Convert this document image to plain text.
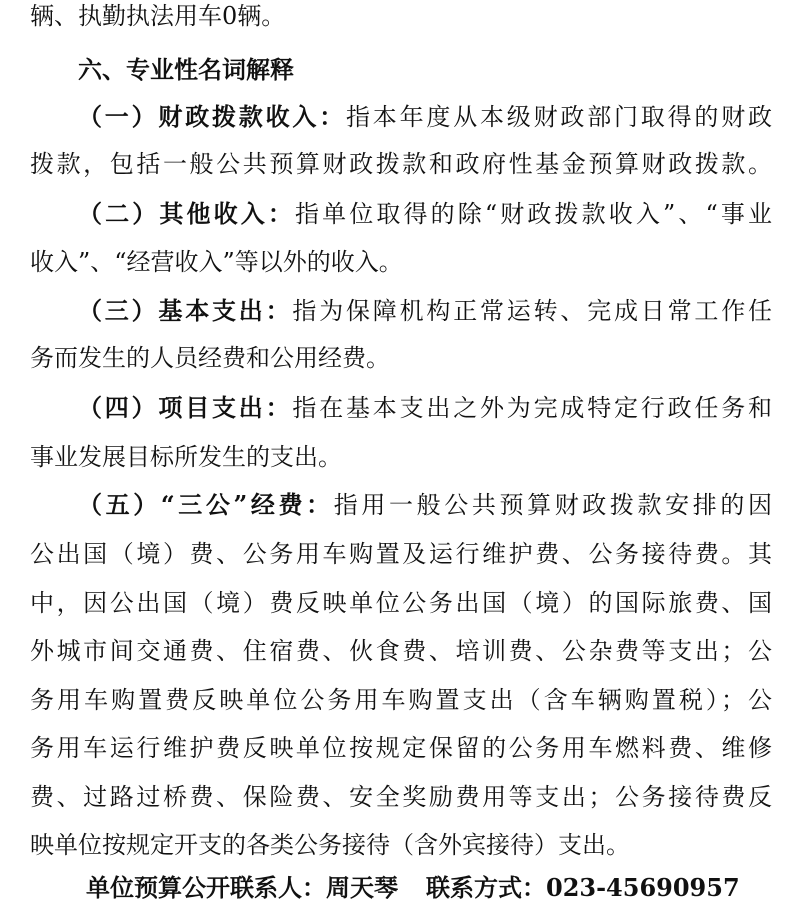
辆、执勤执法用车0辆。
六、专业性名词解释
（一）财政拨款收入：指本年度从本级财政部门取得的财政
拨款，包括一般公共预算财政拨款和政府性基金预算财政拨款。
（二）其他收入：指单位取得的除“财政拨款收入”、“事业
收入”、“经营收入”等以外的收入。
（三）基本支出：指为保障机构正常运转、完成日常工作任
务而发生的人员经费和公用经费。
（四）项目支出：指在基本支出之外为完成特定行政任务和
事业发展目标所发生的支出。
（五）“三公”经费：指用一般公共预算财政拨款安排的因
公出国（境）费、公务用车购置及运行维护费、公务接待费。其
中，因公出国（境）费反映单位公务出国（境）的国际旅费、国
外城市间交通费、住宿费、伙食费、培训费、公杂费等支出；公
务用车购置费反映单位公务用车购置支出（含车辆购置税）；公
务用车运行维护费反映单位按规定保留的公务用车燃料费、维修
费、过路过桥费、保险费、安全奖励费用等支出；公务接待费反
映单位按规定开支的各类公务接待（含外宾接待）支出。
单位预算公开联系人：周天琴 联系方式：023-45690957
